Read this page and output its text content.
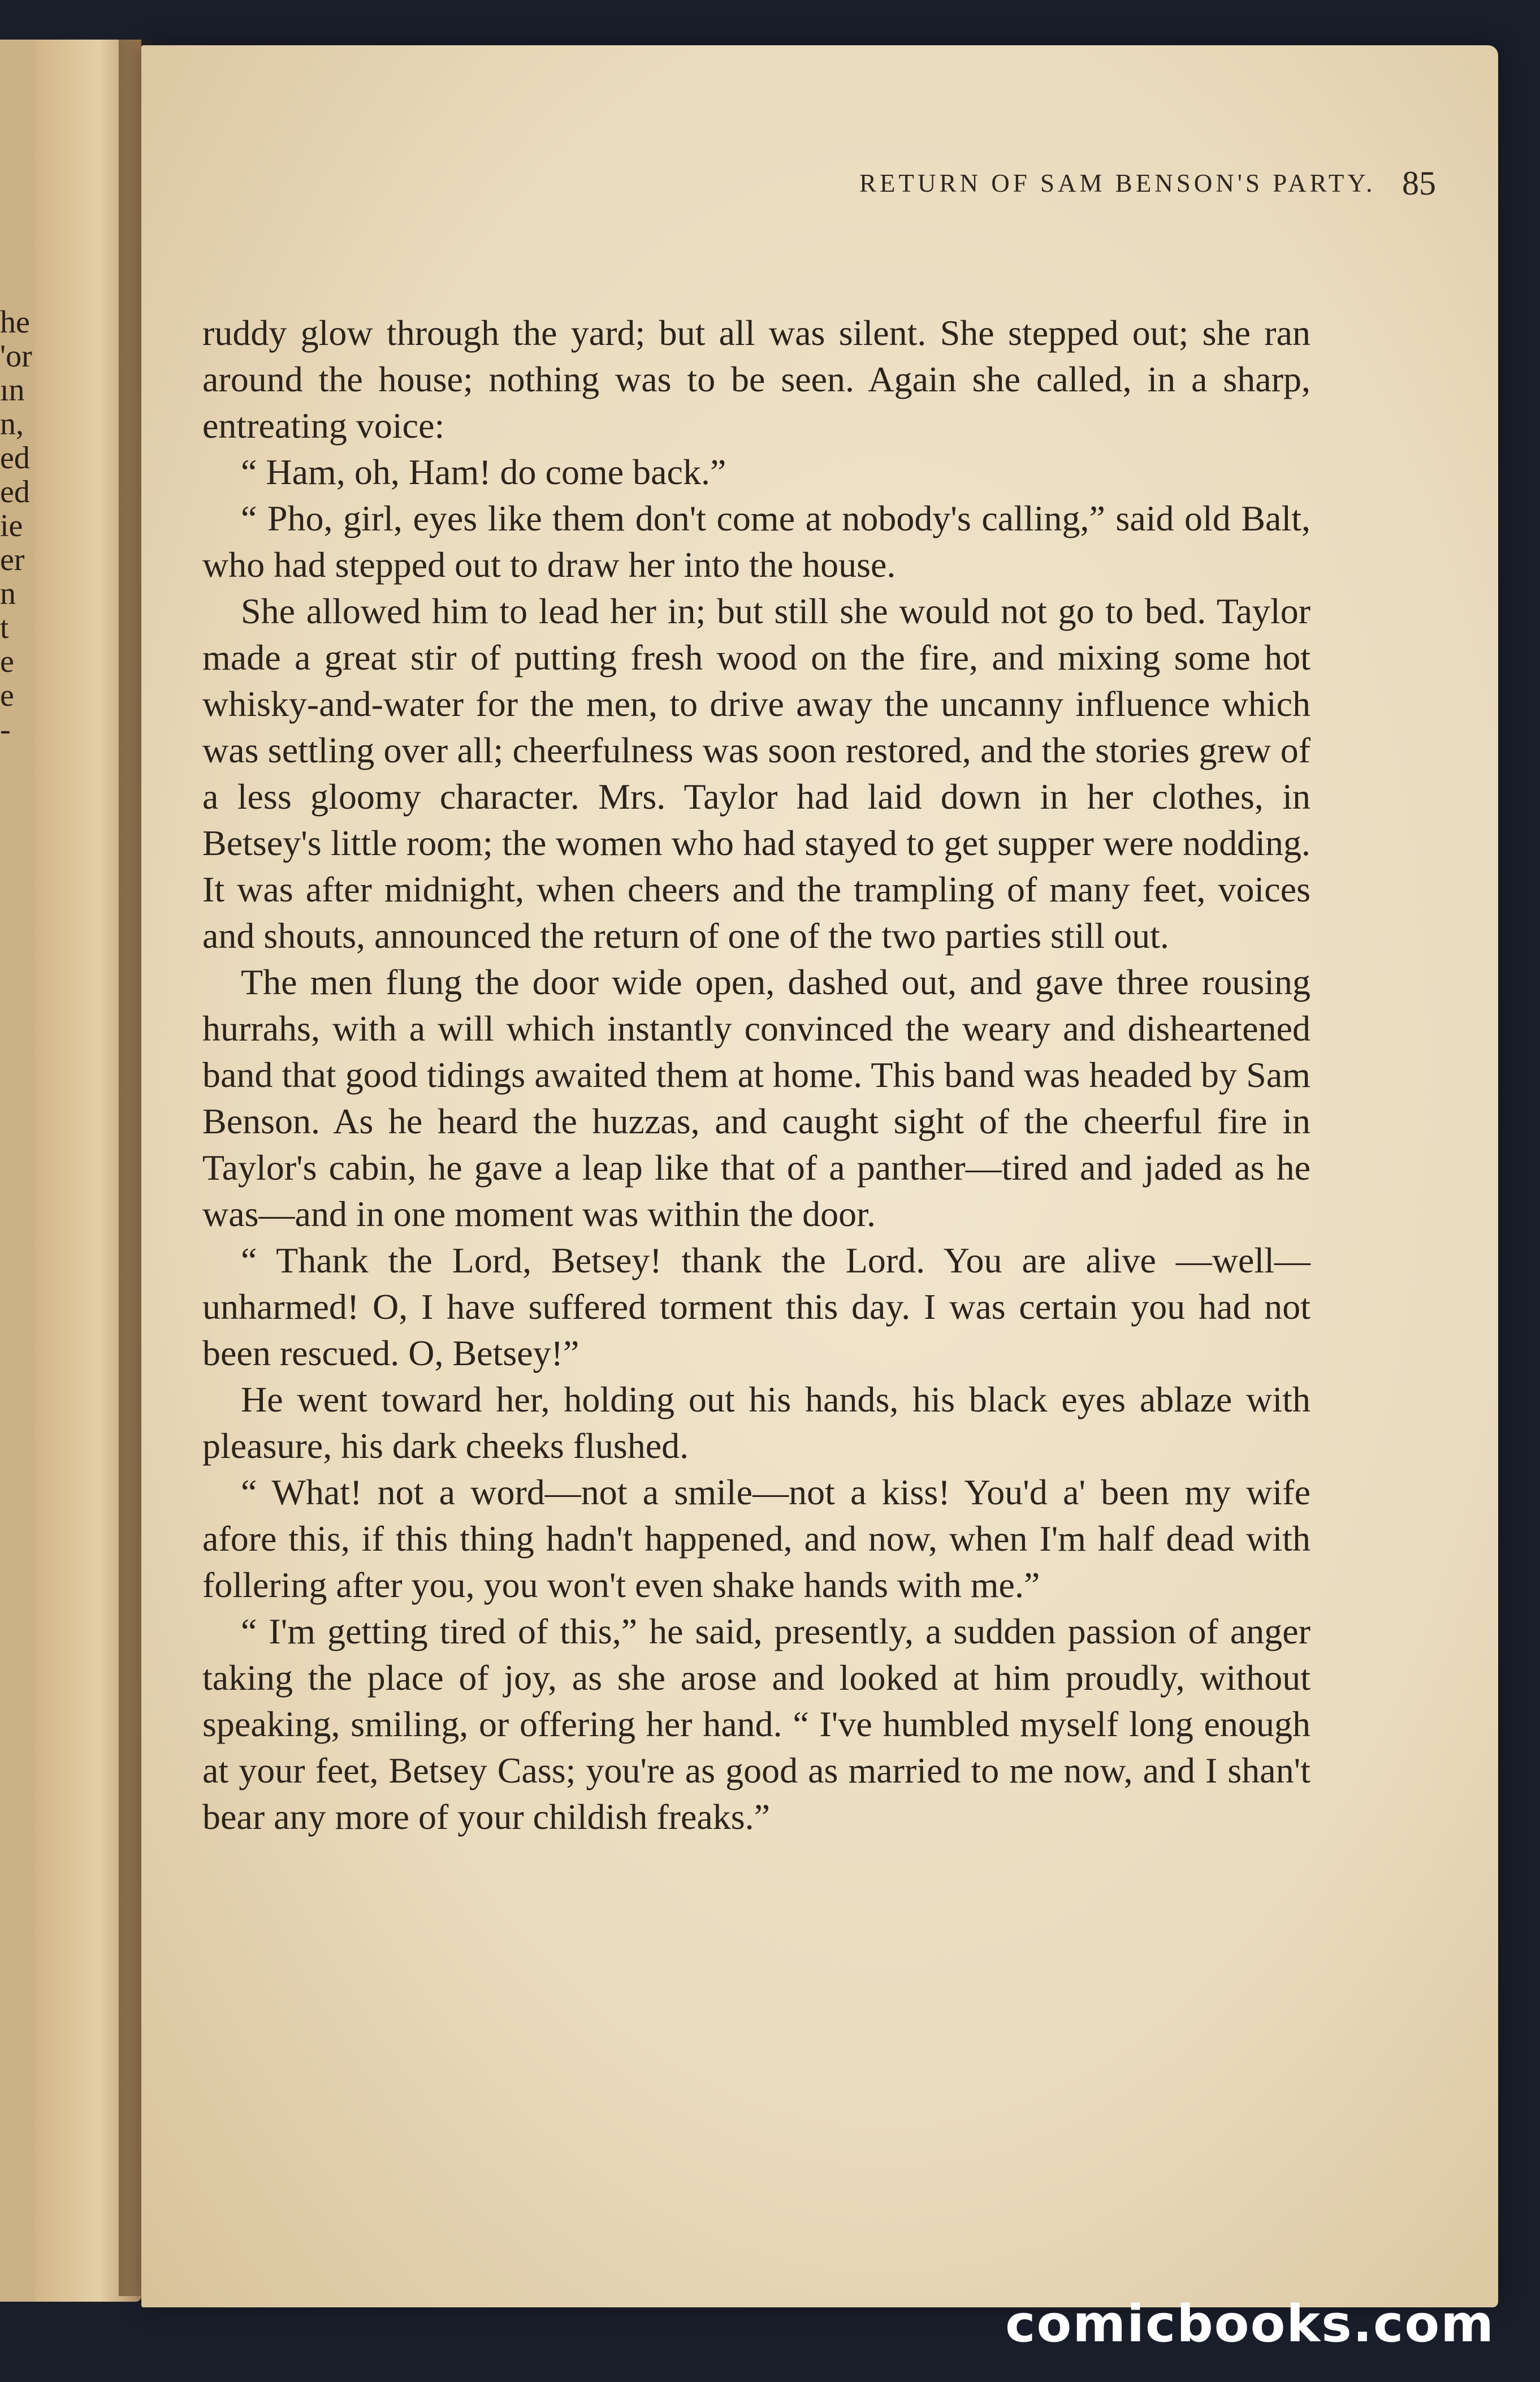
he
'or
ın
n,
ed
ed
ie
er
n
t
e
e
-
RETURN OF SAM BENSON'S PARTY. 85

ruddy glow through the yard; but all was silent. She stepped out; she ran around the house; nothing was to be seen. Again she called, in a sharp, entreating voice:

“ Ham, oh, Ham! do come back.”

“ Pho, girl, eyes like them don't come at nobody's calling,” said old Balt, who had stepped out to draw her into the house.

She allowed him to lead her in; but still she would not go to bed. Taylor made a great stir of putting fresh wood on the fire, and mixing some hot whisky-and-water for the men, to drive away the uncanny influence which was settling over all; cheerfulness was soon restored, and the stories grew of a less gloomy character. Mrs. Taylor had laid down in her clothes, in Betsey's little room; the women who had stayed to get supper were nodding. It was after midnight, when cheers and the trampling of many feet, voices and shouts, announced the return of one of the two parties still out.

The men flung the door wide open, dashed out, and gave three rousing hurrahs, with a will which instantly convinced the weary and disheartened band that good tidings awaited them at home. This band was headed by Sam Benson. As he heard the huzzas, and caught sight of the cheerful fire in Taylor's cabin, he gave a leap like that of a panther—tired and jaded as he was—and in one moment was within the door.

“ Thank the Lord, Betsey! thank the Lord. You are alive —well—unharmed! O, I have suffered torment this day. I was certain you had not been rescued. O, Betsey!”

He went toward her, holding out his hands, his black eyes ablaze with pleasure, his dark cheeks flushed.

“ What! not a word—not a smile—not a kiss! You'd a' been my wife afore this, if this thing hadn't happened, and now, when I'm half dead with follering after you, you won't even shake hands with me.”

“ I'm getting tired of this,” he said, presently, a sudden passion of anger taking the place of joy, as she arose and looked at him proudly, without speaking, smiling, or offering her hand. “ I've humbled myself long enough at your feet, Betsey Cass; you're as good as married to me now, and I shan't bear any more of your childish freaks.”

comicbooks.com
